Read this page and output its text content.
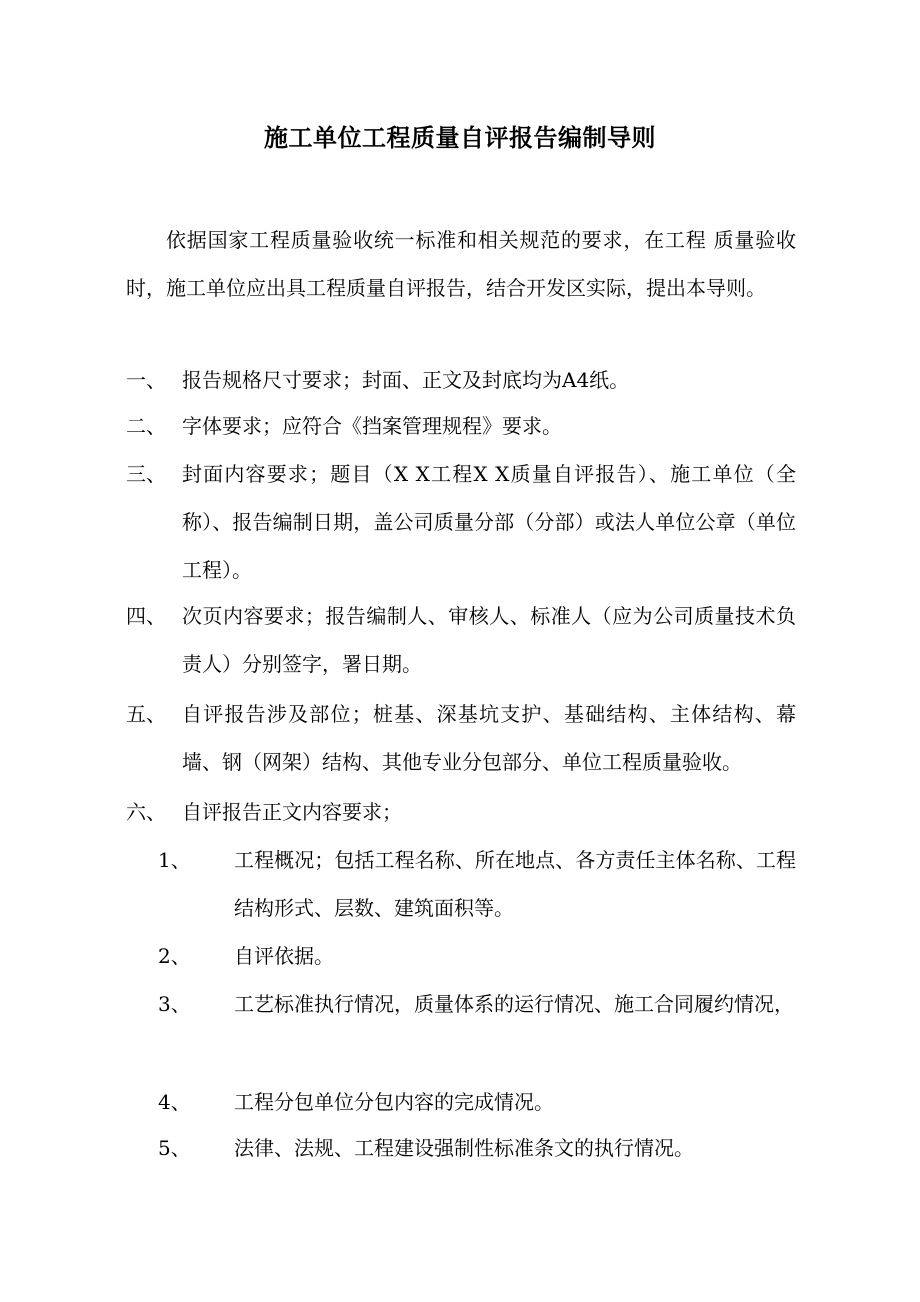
施工单位工程质量自评报告编制导则
依据国家工程质量验收统一标准和相关规范的要求，在工程 质量验收时，施工单位应出具工程质量自评报告，结合开发区实际，提出本导则。
一、 报告规格尺寸要求；封面、正文及封底均为A4纸。
二、 字体要求；应符合《挡案管理规程》要求。
三、 封面内容要求；题目（X X工程X X质量自评报告）、施工单位（全称）、报告编制日期，盖公司质量分部（分部）或法人单位公章（单位工程）。
四、 次页内容要求；报告编制人、审核人、标准人（应为公司质量技术负责人）分别签字，署日期。
五、 自评报告涉及部位；桩基、深基坑支护、基础结构、主体结构、幕墙、钢（网架）结构、其他专业分包部分、单位工程质量验收。
六、 自评报告正文内容要求；
1、 工程概况；包括工程名称、所在地点、各方责任主体名称、工程结构形式、层数、建筑面积等。
2、 自评依据。
3、 工艺标准执行情况，质量体系的运行情况、施工合同履约情况，
4、 工程分包单位分包内容的完成情况。
5、 法律、法规、工程建设强制性标准条文的执行情况。
